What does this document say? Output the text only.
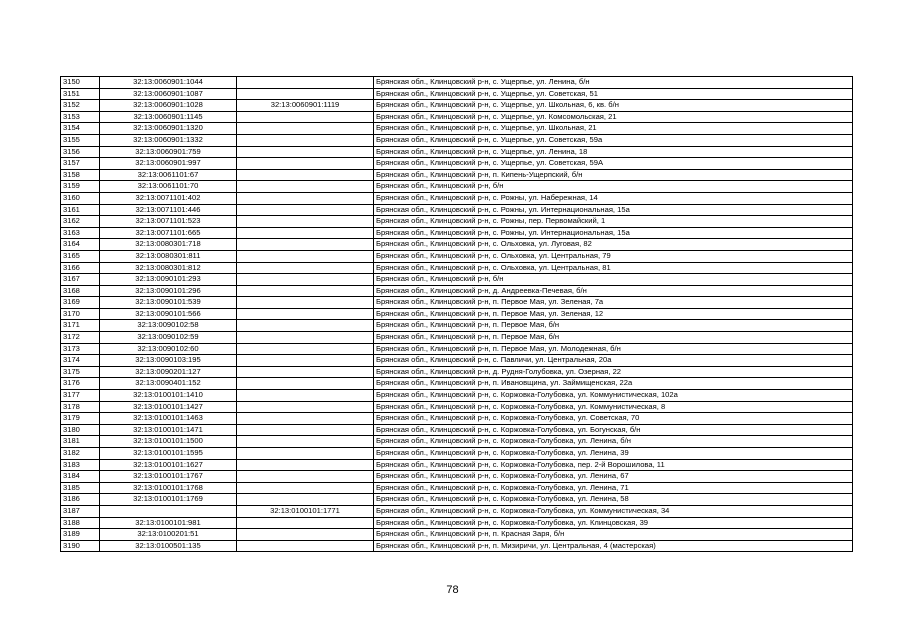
3150	32:13:0060901:1044		Брянская обл., Клинцовский р-н, с. Ущерпье, ул. Ленина, б/н
3151	32:13:0060901:1087		Брянская обл., Клинцовский р-н, с. Ущерпье, ул. Советская, 51
3152	32:13:0060901:1028	32:13:0060901:1119	Брянская обл., Клинцовский р-н, с. Ущерпье, ул. Школьная, 6, кв. б/н
3153	32:13:0060901:1145		Брянская обл., Клинцовский р-н, с. Ущерпье, ул. Комсомольская, 21
3154	32:13:0060901:1320		Брянская обл., Клинцовский р-н, с. Ущерпье, ул. Школьная, 21
3155	32:13:0060901:1332		Брянская обл., Клинцовский р-н, с. Ущерпье, ул. Советская, 59а
3156	32:13:0060901:759		Брянская обл., Клинцовский р-н, с. Ущерпье, ул. Ленина, 18
3157	32:13:0060901:997		Брянская обл., Клинцовский р-н, с. Ущерпье, ул. Советская, 59А
3158	32:13:0061101:67		Брянская обл., Клинцовский р-н, п. Кипень-Ущерпский, б/н
3159	32:13:0061101:70		Брянская обл., Клинцовский р-н, б/н
3160	32:13:0071101:402		Брянская обл., Клинцовский р-н, с. Рожны, ул. Набережная, 14
3161	32:13:0071101:446		Брянская обл., Клинцовский р-н, с. Рожны, ул. Интернациональная, 15а
3162	32:13:0071101:523		Брянская обл., Клинцовский р-н, с. Рожны, пер. Первомайский, 1
3163	32:13:0071101:665		Брянская обл., Клинцовский р-н, с. Рожны, ул. Интернациональная, 15а
3164	32:13:0080301:718		Брянская обл., Клинцовский р-н, с. Ольховка, ул. Луговая, 82
3165	32:13:0080301:811		Брянская обл., Клинцовский р-н, с. Ольховка, ул. Центральная, 79
3166	32:13:0080301:812		Брянская обл., Клинцовский р-н, с. Ольховка, ул. Центральная, 81
3167	32:13:0090101:293		Брянская обл., Клинцовский р-н, б/н
3168	32:13:0090101:296		Брянская обл., Клинцовский р-н, д. Андреевка-Печевая, б/н
3169	32:13:0090101:539		Брянская обл., Клинцовский р-н, п. Первое Мая, ул. Зеленая, 7а
3170	32:13:0090101:566		Брянская обл., Клинцовский р-н, п. Первое Мая, ул. Зеленая, 12
3171	32:13:0090102:58		Брянская обл., Клинцовский р-н, п. Первое Мая, б/н
3172	32:13:0090102:59		Брянская обл., Клинцовский р-н, п. Первое Мая, б/н
3173	32:13:0090102:60		Брянская обл., Клинцовский р-н, п. Первое Мая, ул. Молодежная, б/н
3174	32:13:0090103:195		Брянская обл., Клинцовский р-н, с. Павличи, ул. Центральная, 20а
3175	32:13:0090201:127		Брянская обл., Клинцовский р-н, д. Рудня-Голубовка, ул. Озерная, 22
3176	32:13:0090401:152		Брянская обл., Клинцовский р-н, п. Ивановщина, ул. Займищенская, 22а
3177	32:13:0100101:1410		Брянская обл., Клинцовский р-н, с. Коржовка-Голубовка, ул. Коммунистическая, 102а
3178	32:13:0100101:1427		Брянская обл., Клинцовский р-н, с. Коржовка-Голубовка, ул. Коммунистическая, 8
3179	32:13:0100101:1463		Брянская обл., Клинцовский р-н, с. Коржовка-Голубовка, ул. Советская, 70
3180	32:13:0100101:1471		Брянская обл., Клинцовский р-н, с. Коржовка-Голубовка, ул. Богунская, б/н
3181	32:13:0100101:1500		Брянская обл., Клинцовский р-н, с. Коржовка-Голубовка, ул. Ленина, б/н
3182	32:13:0100101:1595		Брянская обл., Клинцовский р-н, с. Коржовка-Голубовка, ул. Ленина, 39
3183	32:13:0100101:1627		Брянская обл., Клинцовский р-н, с. Коржовка-Голубовка, пер. 2-й Ворошилова, 11
3184	32:13:0100101:1767		Брянская обл., Клинцовский р-н, с. Коржовка-Голубовка, ул. Ленина, 67
3185	32:13:0100101:1768		Брянская обл., Клинцовский р-н, с. Коржовка-Голубовка, ул. Ленина, 71
3186	32:13:0100101:1769		Брянская обл., Клинцовский р-н, с. Коржовка-Голубовка, ул. Ленина, 58
3187		32:13:0100101:1771	Брянская обл., Клинцовский р-н, с. Коржовка-Голубовка, ул. Коммунистическая, 34
3188	32:13:0100101:981		Брянская обл., Клинцовский р-н, с. Коржовка-Голубовка, ул. Клинцовская, 39
3189	32:13:0100201:51		Брянская обл., Клинцовский р-н, п. Красная Заря, б/н
3190	32:13:0100501:135		Брянская обл., Клинцовский р-н, п. Мизиричи, ул. Центральная, 4 (мастерская)
78
